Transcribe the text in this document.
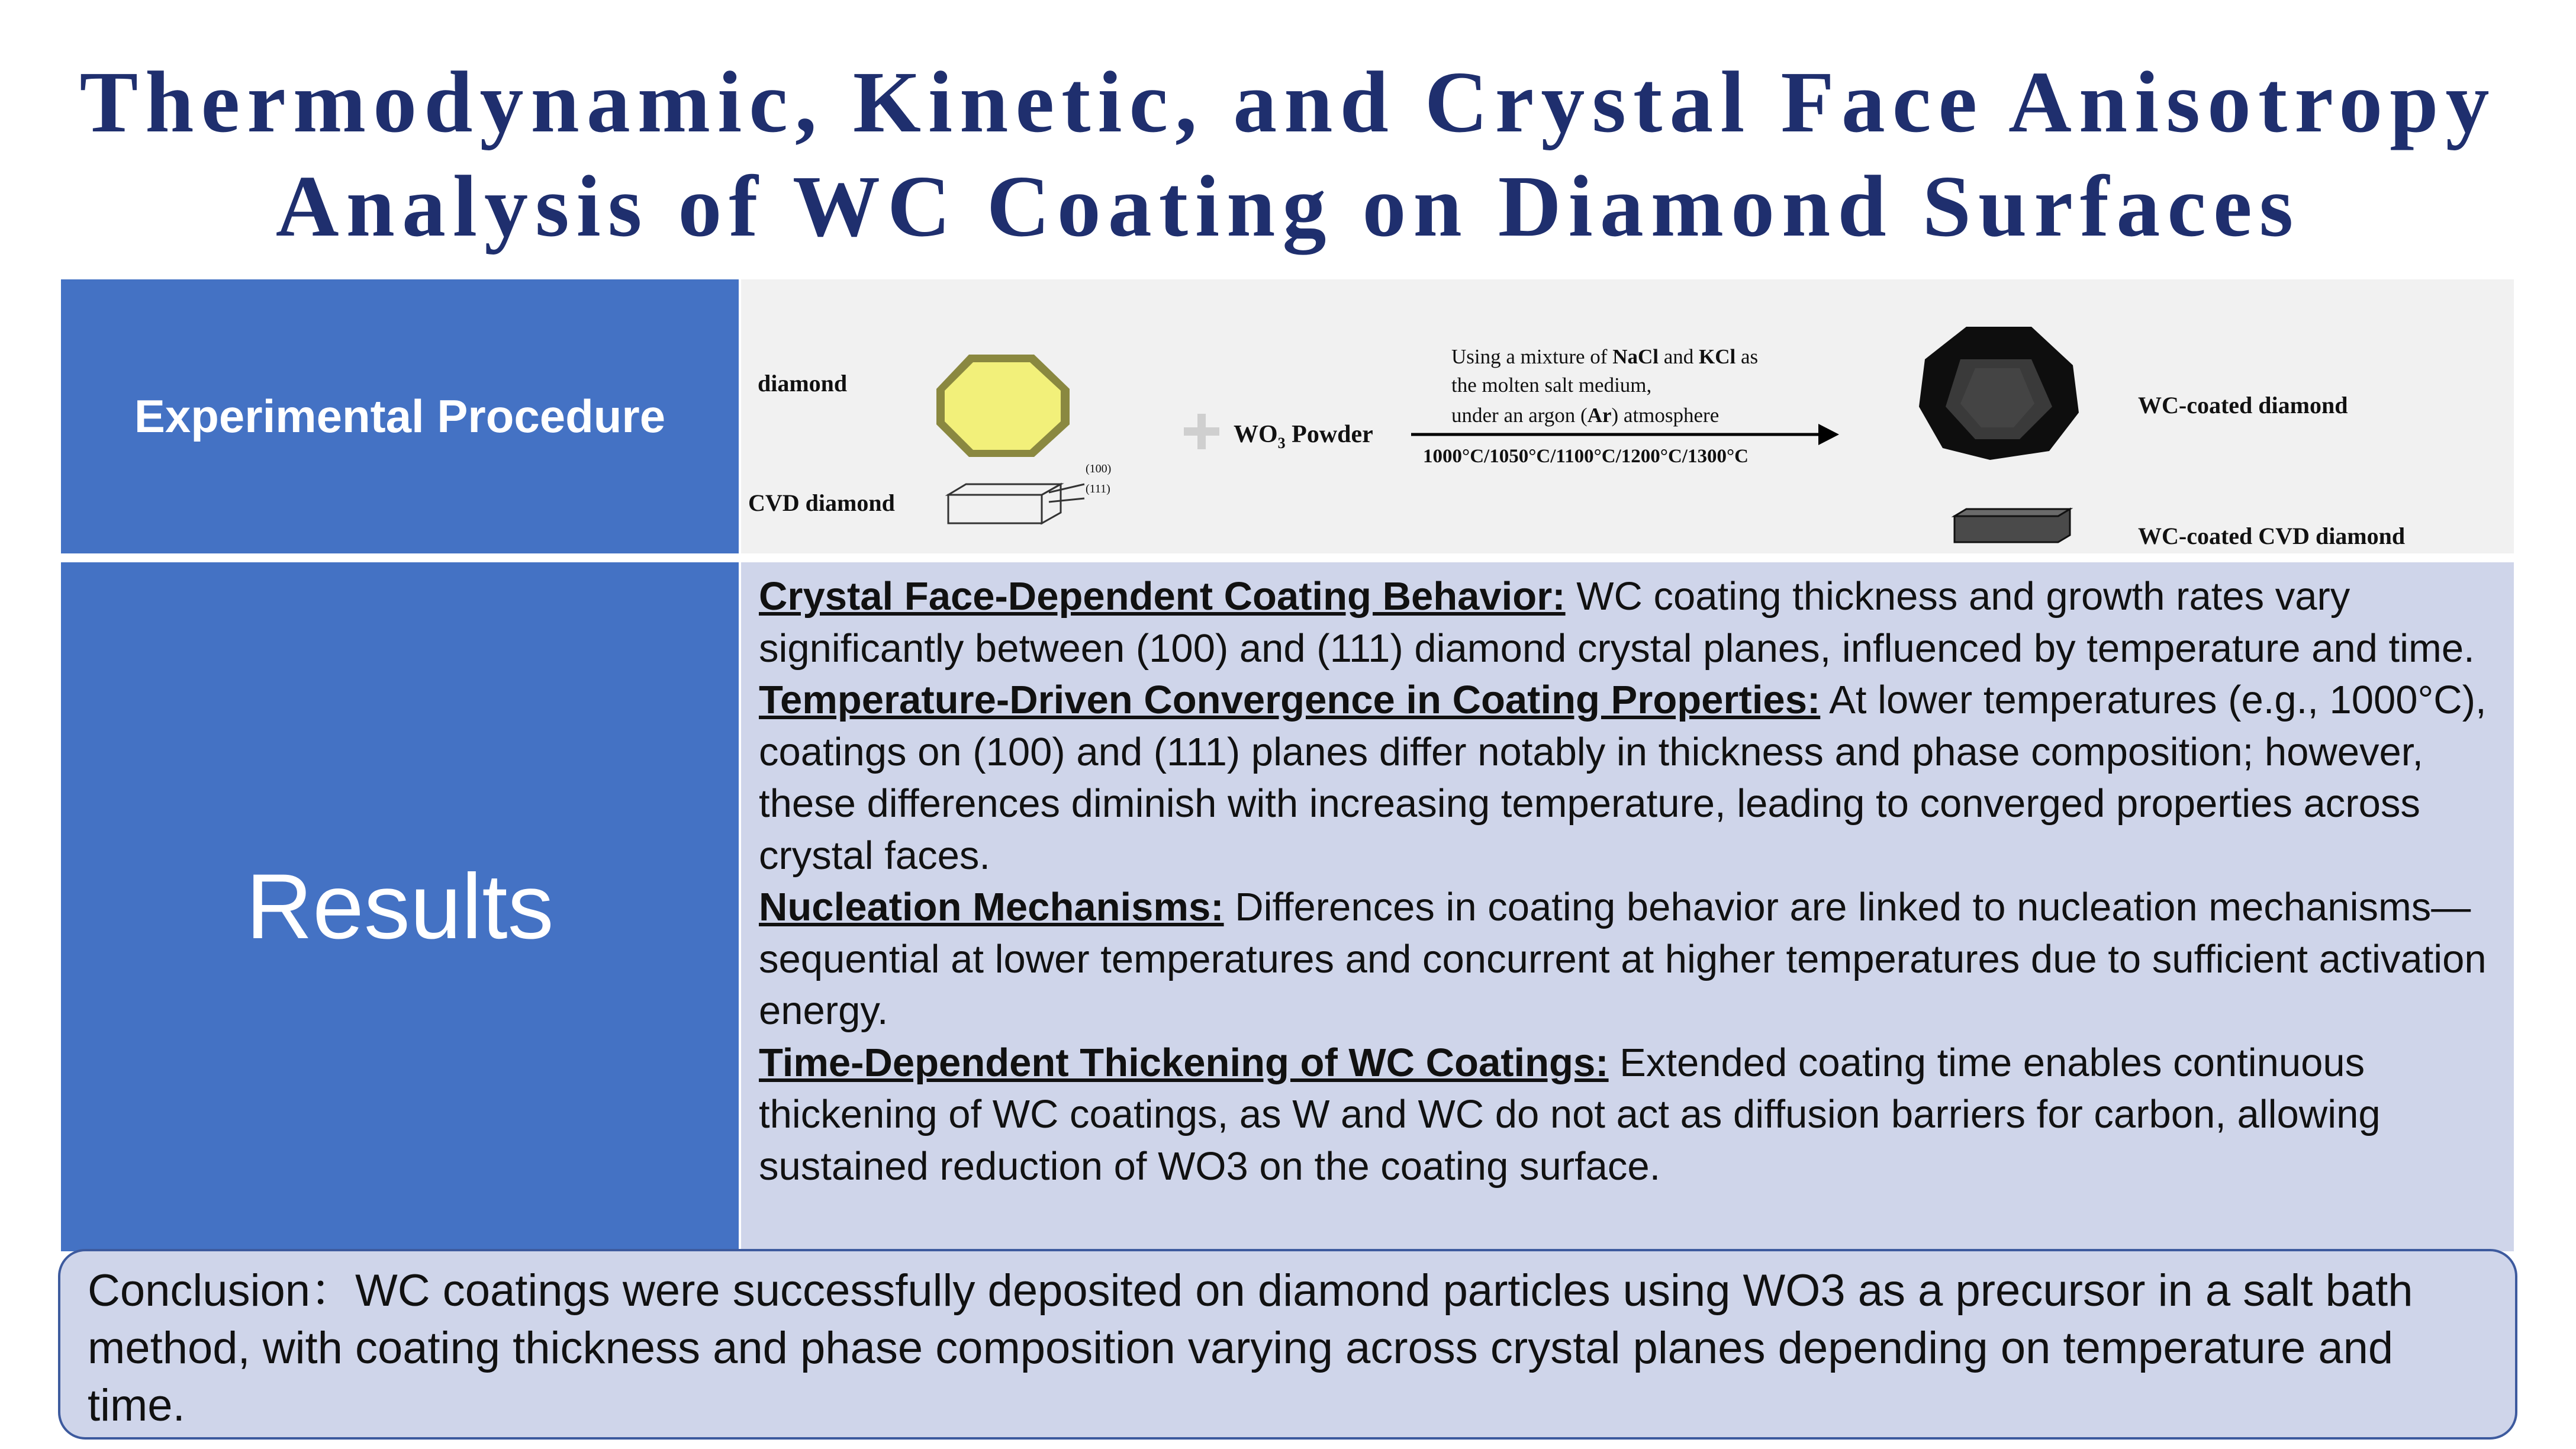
Thermodynamic, Kinetic, and Crystal Face Anisotropy
Analysis of WC Coating on Diamond Surfaces
Experimental Procedure
diamond
CVD diamond
(100)
(111)
$WO_3$ Powder
Using a mixture of NaCl and KCl as
the molten salt medium,
under an argon (Ar) atmosphere
1000°C/1050°C/1100°C/1200°C/1300°C
WC-coated diamond
WC-coated CVD diamond
Results

Crystal Face-Dependent Coating Behavior: WC coating thickness and growth rates vary significantly between (100) and (111) diamond crystal planes, influenced by temperature and time.

Temperature-Driven Convergence in Coating Properties: At lower temperatures (e.g., 1000°C), coatings on (100) and (111) planes differ notably in thickness and phase composition; however, these differences diminish with increasing temperature, leading to converged properties across crystal faces.

Nucleation Mechanisms: Differences in coating behavior are linked to nucleation mechanisms—sequential at lower temperatures and concurrent at higher temperatures due to sufficient activation energy.

Time-Dependent Thickening of WC Coatings: Extended coating time enables continuous thickening of WC coatings, as W and WC do not act as diffusion barriers for carbon, allowing sustained reduction of WO3 on the coating surface.

Conclusion：WC coatings were successfully deposited on diamond particles using WO3 as a precursor in a salt bath method, with coating thickness and phase composition varying across crystal planes depending on temperature and time.
